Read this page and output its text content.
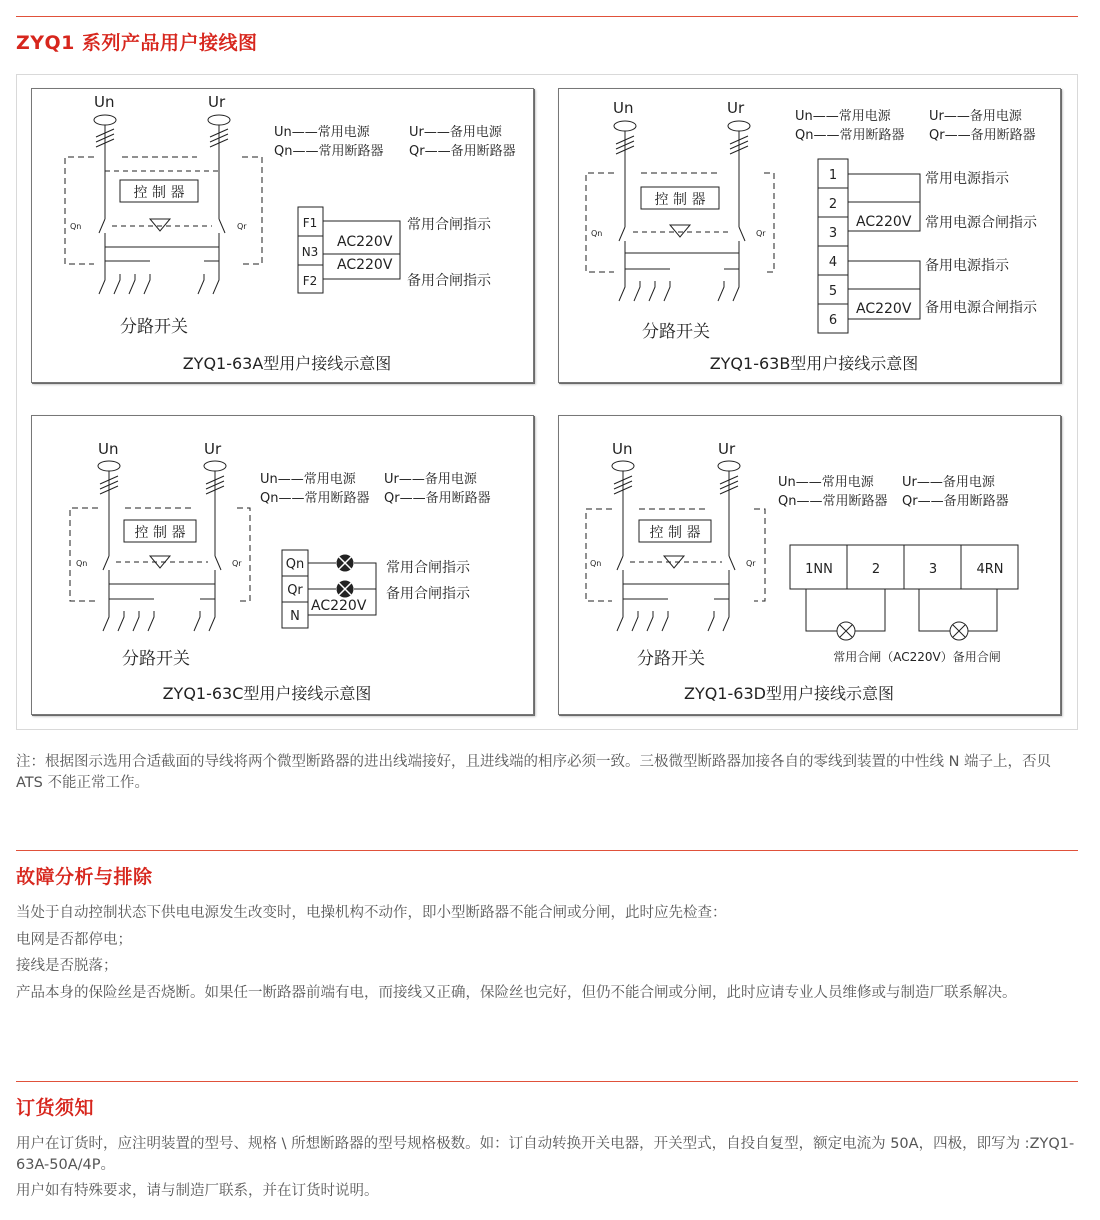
ZYQ1 系列产品用户接线图
Un	Ur
控 制 器
Qn	Qr
分路开关
Un——常用电源	Ur——备用电源
Qn——常用断路器 Qr——备用断路器
F1
N3
F2
AC220V
AC220V
常用合闸指示
备用合闸指示
ZYQ1-63A型用户接线示意图
Un	Ur
控 制 器
Qn	Qr
分路开关
Un——常用电源	Ur——备用电源
Qn——常用断路器 Qr——备用断路器
1
2
3
4
5
6
AC220V
AC220V
常用电源指示
常用电源合闸指示
备用电源指示
备用电源合闸指示
ZYQ1-63B型用户接线示意图
Un	Ur
控 制 器
Qn	Qr
分路开关
Un——常用电源 Ur——备用电源
Qn——常用断路器 Qr——备用断路器
Qn
Qr
N
AC220V
常用合闸指示
备用合闸指示
ZYQ1-63C型用户接线示意图
Un	Ur
控 制 器
Qn	Qr
分路开关
Un——常用电源 Ur——备用电源
Qn——常用断路器 Qr——备用断路器
1NN	2	3	4RN
常用合闸（AC220V）备用合闸
ZYQ1-63D型用户接线示意图

注：根据图示选用合适截面的导线将两个微型断路器的进出线端接好，且进线端的相序必须一致。三极微型断路器加接各自的零线到装置的中性线 N 端子上，否贝 ATS 不能正常工作。

故障分析与排除

当处于自动控制状态下供电电源发生改变时，电操机构不动作，即小型断路器不能合闸或分闸，此时应先检查：

电网是否都停电；

接线是否脱落；

产品本身的保险丝是否烧断。如果任一断路器前端有电，而接线又正确，保险丝也完好，但仍不能合闸或分闸，此时应请专业人员维修或与制造厂联系解决。

订货须知

用户在订货时，应注明装置的型号、规格 \ 所想断路器的型号规格极数。如：订自动转换开关电器，开关型式，自投自复型，额定电流为 50A，四极，即写为 :ZYQ1-63A-50A/4P。

用户如有特殊要求，请与制造厂联系，并在订货时说明。
